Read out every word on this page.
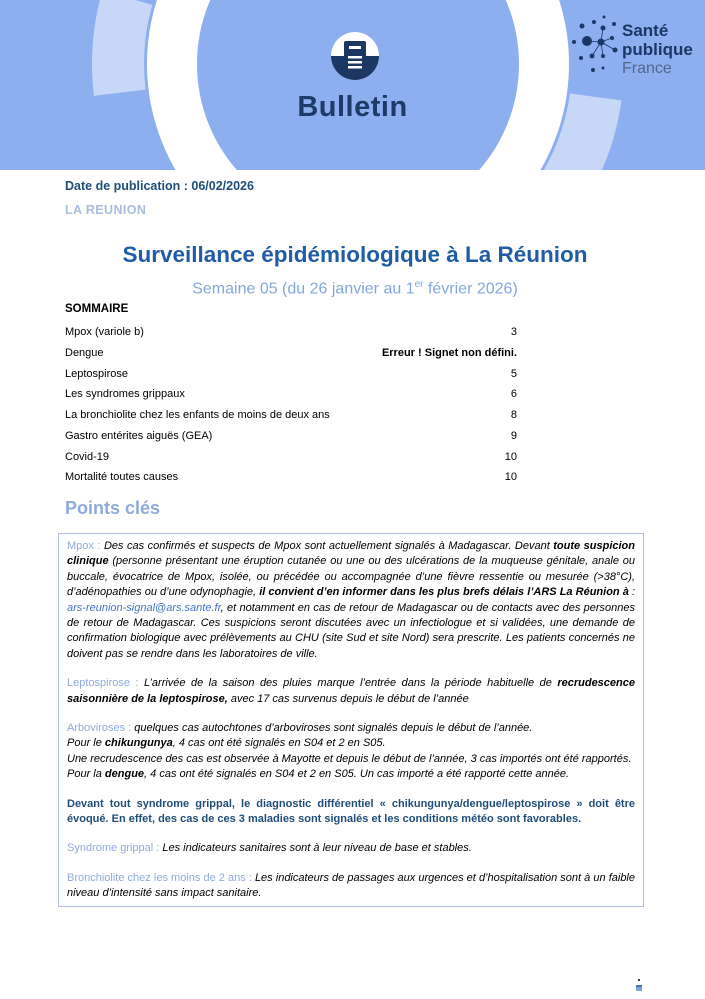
Bulletin
Santé
publique
France
Date de publication : 06/02/2026
LA REUNION
Surveillance épidémiologique à La Réunion
Semaine 05 (du 26 janvier au 1er février 2026)
SOMMAIRE
Mpox (variole b)	3
Dengue	Erreur ! Signet non défini.
Leptospirose	5
Les syndromes grippaux	6
La bronchiolite chez les enfants de moins de deux ans	8
Gastro entérites aiguës (GEA)	9
Covid-19	10
Mortalité toutes causes	10
Points clés

Mpox : Des cas confirmés et suspects de Mpox sont actuellement signalés à Madagascar. Devant toute suspicion clinique (personne présentant une éruption cutanée ou une ou des ulcérations de la muqueuse génitale, anale ou buccale, évocatrice de Mpox, isolée, ou précédée ou accompagnée d’une fièvre ressentie ou mesurée (>38°C), d’adénopathies ou d’une odynophagie, il convient d’en informer dans les plus brefs délais l’ARS La Réunion à : ars-reunion-signal@ars.sante.fr, et notamment en cas de retour de Madagascar ou de contacts avec des personnes de retour de Madagascar. Ces suspicions seront discutées avec un infectiologue et si validées, une demande de confirmation biologique avec prélèvements au CHU (site Sud et site Nord) sera prescrite. Les patients concernés ne doivent pas se rendre dans les laboratoires de ville.

Leptospirose : L’arrivée de la saison des pluies marque l’entrée dans la période habituelle de recrudescence saisonnière de la leptospirose, avec 17 cas survenus depuis le début de l’année

Arboviroses : quelques cas autochtones d’arboviroses sont signalés depuis le début de l’année.
Pour le chikungunya, 4 cas ont été signalés en S04 et 2 en S05.
Une recrudescence des cas est observée à Mayotte et depuis le début de l’année, 3 cas importés ont été rapportés.
Pour la dengue, 4 cas ont été signalés en S04 et 2 en S05. Un cas importé a été rapporté cette année.

Devant tout syndrome grippal, le diagnostic différentiel « chikungunya/dengue/leptospirose » doit être évoqué. En effet, des cas de ces 3 maladies sont signalés et les conditions météo sont favorables.

Syndrome grippal : Les indicateurs sanitaires sont à leur niveau de base et stables.

Bronchiolite chez les moins de 2 ans : Les indicateurs de passages aux urgences et d’hospitalisation sont à un faible niveau d’intensité sans impact sanitaire.
